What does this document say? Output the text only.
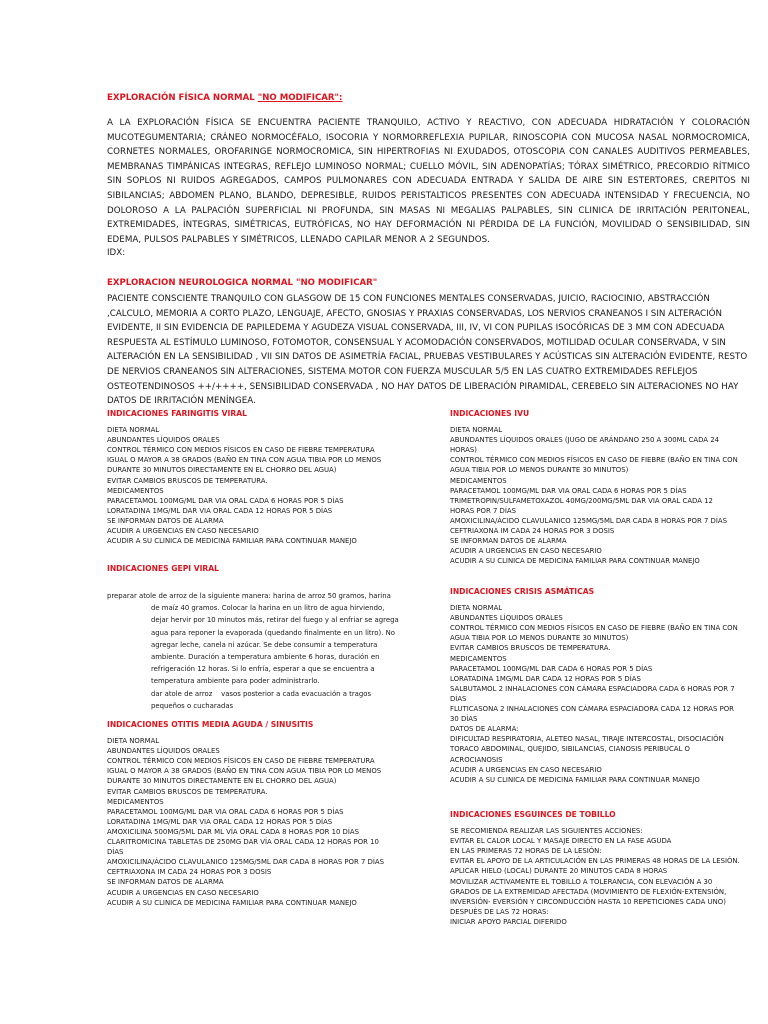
EXPLORACIÓN FÍSICA NORMAL "NO MODIFICAR":
A LA EXPLORACIÓN FÍSICA SE ENCUENTRA PACIENTE TRANQUILO, ACTIVO Y REACTIVO, CON ADECUADA HIDRATACIÓN Y COLORACIÓN MUCOTEGUMENTARIA; CRÁNEO NORMOCÉFALO, ISOCORIA Y NORMORREFLEXIA PUPILAR, RINOSCOPIA CON MUCOSA NASAL NORMOCROMICA, CORNETES NORMALES, OROFARINGE NORMOCROMICA, SIN HIPERTROFIAS NI EXUDADOS, OTOSCOPIA CON CANALES AUDITIVOS PERMEABLES, MEMBRANAS TIMPÁNICAS INTEGRAS, REFLEJO LUMINOSO NORMAL; CUELLO MÓVIL, SIN ADENOPATÍAS; TÓRAX SIMÉTRICO, PRECORDIO RÍTMICO SIN SOPLOS NI RUIDOS AGREGADOS, CAMPOS PULMONARES CON ADECUADA ENTRADA Y SALIDA DE AIRE SIN ESTERTORES, CREPITOS NI SIBILANCIAS; ABDOMEN PLANO, BLANDO, DEPRESIBLE, RUIDOS PERISTALTICOS PRESENTES CON ADECUADA INTENSIDAD Y FRECUENCIA, NO DOLOROSO A LA PALPACIÓN SUPERFICIAL NI PROFUNDA, SIN MASAS NI MEGALIAS PALPABLES, SIN CLINICA DE IRRITACIÓN PERITONEAL, EXTREMIDADES, ÍNTEGRAS, SIMÉTRICAS, EUTRÓFICAS, NO HAY DEFORMACIÓN NI PÉRDIDA DE LA FUNCIÓN, MOVILIDAD O SENSIBILIDAD, SIN EDEMA, PULSOS PALPABLES Y SIMÉTRICOS, LLENADO CAPILAR MENOR A 2 SEGUNDOS.
IDX:
EXPLORACION NEUROLOGICA NORMAL "NO MODIFICAR"
PACIENTE CONSCIENTE TRANQUILO CON GLASGOW DE 15 CON FUNCIONES MENTALES CONSERVADAS, JUICIO, RACIOCINIO, ABSTRACCIÓN ,CALCULO, MEMORIA A CORTO PLAZO, LENGUAJE, AFECTO, GNOSIAS Y PRAXIAS CONSERVADAS, LOS NERVIOS CRANEANOS I SIN ALTERACIÓN EVIDENTE, II SIN EVIDENCIA DE PAPILEDEMA Y AGUDEZA VISUAL CONSERVADA, III, IV, VI CON PUPILAS ISOCÓRICAS DE 3 MM CON ADECUADA RESPUESTA AL ESTÍMULO LUMINOSO, FOTOMOTOR, CONSENSUAL Y ACOMODACIÓN CONSERVADOS, MOTILIDAD OCULAR CONSERVADA, V SIN ALTERACIÓN EN LA SENSIBILIDAD , VII SIN DATOS DE ASIMETRÍA FACIAL, PRUEBAS VESTIBULARES Y ACÚSTICAS SIN ALTERACIÓN EVIDENTE, RESTO DE NERVIOS CRANEANOS SIN ALTERACIONES, SISTEMA MOTOR CON FUERZA MUSCULAR 5/5 EN LAS CUATRO EXTREMIDADES REFLEJOS OSTEOTENDINOSOS ++/++++, SENSIBILIDAD CONSERVADA , NO HAY DATOS DE LIBERACIÓN PIRAMIDAL, CEREBELO SIN ALTERACIONES NO HAY DATOS DE IRRITACIÓN MENÍNGEA.
INDICACIONES FARINGITIS VIRAL
DIETA NORMAL
ABUNDANTES LÍQUIDOS ORALES
CONTROL TÉRMICO CON MEDIOS FÍSICOS EN CASO DE FIEBRE TEMPERATURA
IGUAL O MAYOR A 38 GRADOS (BAÑO EN TINA CON AGUA TIBIA POR LO MENOS
DURANTE 30 MINUTOS DIRECTAMENTE EN EL CHORRO DEL AGUA)
EVITAR CAMBIOS BRUSCOS DE TEMPERATURA.
MEDICAMENTOS
PARACETAMOL 100MG/ML DAR VIA ORAL CADA 6 HORAS POR 5 DÍAS
LORATADINA 1MG/ML DAR VIA ORAL CADA 12 HORAS POR 5 DÍAS
SE INFORMAN DATOS DE ALARMA
ACUDIR A URGENCIAS EN CASO NECESARIO
ACUDIR A SU CLINICA DE MEDICINA FAMILIAR PARA CONTINUAR MANEJO
INDICACIONES GEPI VIRAL
preparar atole de arroz de la siguiente manera: harina de arroz 50 gramos, harina
de maíz 40 gramos. Colocar la harina en un litro de agua hirviendo,
dejar hervir por 10 minutos más, retirar del fuego y al enfriar se agrega
agua para reponer la evaporada (quedando finalmente en un litro). No
agregar leche, canela ni azúcar. Se debe consumir a temperatura
ambiente. Duración a temperatura ambiente 6 horas, duración en
refrigeración 12 horas. Si lo enfría, esperar a que se encuentra a
temperatura ambiente para poder administrarlo.
dar atole de arroz    vasos posterior a cada evacuación a tragos
pequeños o cucharadas
INDICACIONES OTITIS MEDIA AGUDA / SINUSITIS
DIETA NORMAL
ABUNDANTES LÍQUIDOS ORALES
CONTROL TÉRMICO CON MEDIOS FÍSICOS EN CASO DE FIEBRE TEMPERATURA
IGUAL O MAYOR A 38 GRADOS (BAÑO EN TINA CON AGUA TIBIA POR LO MENOS
DURANTE 30 MINUTOS DIRECTAMENTE EN EL CHORRO DEL AGUA)
EVITAR CAMBIOS BRUSCOS DE TEMPERATURA.
MEDICAMENTOS
PARACETAMOL 100MG/ML DAR VIA ORAL CADA 6 HORAS POR 5 DÍAS
LORATADINA 1MG/ML DAR VIA ORAL CADA 12 HORAS POR 5 DÍAS
AMOXICILINA 500MG/5ML DAR ML VÍA ORAL CADA 8 HORAS POR 10 DÍAS
CLARITROMICINA TABLETAS DE 250MG DAR VÍA ORAL CADA 12 HORAS POR 10
DÍAS
AMOXICILINA/ÁCIDO CLAVULANICO 125MG/5ML DAR CADA 8 HORAS POR 7 DÍAS
CEFTRIAXONA IM CADA 24 HORAS POR 3 DOSIS
SE INFORMAN DATOS DE ALARMA
ACUDIR A URGENCIAS EN CASO NECESARIO
ACUDIR A SU CLINICA DE MEDICINA FAMILIAR PARA CONTINUAR MANEJO
INDICACIONES IVU
DIETA NORMAL
ABUNDANTES LÍQUIDOS ORALES (JUGO DE ARÁNDANO 250 A 300ML CADA 24
HORAS)
CONTROL TÉRMICO CON MEDIOS FÍSICOS EN CASO DE FIEBRE (BAÑO EN TINA CON
AGUA TIBIA POR LO MENOS DURANTE 30 MINUTOS)
MEDICAMENTOS
PARACETAMOL 100MG/ML DAR VIA ORAL CADA 6 HORAS POR 5 DÍAS
TRIMETROPIN/SULFAMETOXAZOL 40MG/200MG/5ML DAR VIA ORAL CADA 12
HORAS POR 7 DÍAS
AMOXICILINA/ÁCIDO CLAVULANICO 125MG/5ML DAR CADA 8 HORAS POR 7 DÍAS
CEFTRIAXONA IM CADA 24 HORAS POR 3 DOSIS
SE INFORMAN DATOS DE ALARMA
ACUDIR A URGENCIAS EN CASO NECESARIO
ACUDIR A SU CLINICA DE MEDICINA FAMILIAR PARA CONTINUAR MANEJO
INDICACIONES CRISIS ASMÁTICAS
DIETA NORMAL
ABUNDANTES LÍQUIDOS ORALES
CONTROL TÉRMICO CON MEDIOS FÍSICOS EN CASO DE FIEBRE (BAÑO EN TINA CON
AGUA TIBIA POR LO MENOS DURANTE 30 MINUTOS)
EVITAR CAMBIOS BRUSCOS DE TEMPERATURA.
MEDICAMENTOS
PARACETAMOL 100MG/ML DAR CADA 6 HORAS POR 5 DÍAS
LORATADINA 1MG/ML DAR CADA 12 HORAS POR 5 DÍAS
SALBUTAMOL 2 INHALACIONES CON CÁMARA ESPACIADORA CADA 6 HORAS POR 7
DÍAS
FLUTICASONA 2 INHALACIONES CON CÁMARA ESPACIADORA CADA 12 HORAS POR
30 DÍAS
DATOS DE ALARMA:
DIFICULTAD RESPIRATORIA, ALETEO NASAL, TIRAJE INTERCOSTAL, DISOCIACIÓN
TORACO ABDOMINAL, QUEJIDO, SIBILANCIAS, CIANOSIS PERIBUCAL O
ACROCIANOSIS
ACUDIR A URGENCIAS EN CASO NECESARIO
ACUDIR A SU CLINICA DE MEDICINA FAMILIAR PARA CONTINUAR MANEJO
INDICACIONES ESGUINCES DE TOBILLO
SE RECOMIENDA REALIZAR LAS SIGUIENTES ACCIONES:
EVITAR EL CALOR LOCAL Y MASAJE DIRECTO EN LA FASE AGUDA
EN LAS PRIMERAS 72 HORAS DE LA LESIÓN:
EVITAR EL APOYO DE LA ARTICULACIÓN EN LAS PRIMERAS 48 HORAS DE LA LESIÓN.
APLICAR HIELO (LOCAL) DURANTE 20 MINUTOS CADA 8 HORAS
MOVILIZAR ACTIVAMENTE EL TOBILLO A TOLERANCIA, CON ELEVACIÓN A 30
GRADOS DE LA EXTREMIDAD AFECTADA (MOVIMIENTO DE FLEXIÓN-EXTENSIÓN,
INVERSIÓN- EVERSIÓN Y CIRCONDUCCIÓN HASTA 10 REPETICIONES CADA UNO)
DESPUÉS DE LAS 72 HORAS:
INICIAR APOYO PARCIAL DIFERIDO
